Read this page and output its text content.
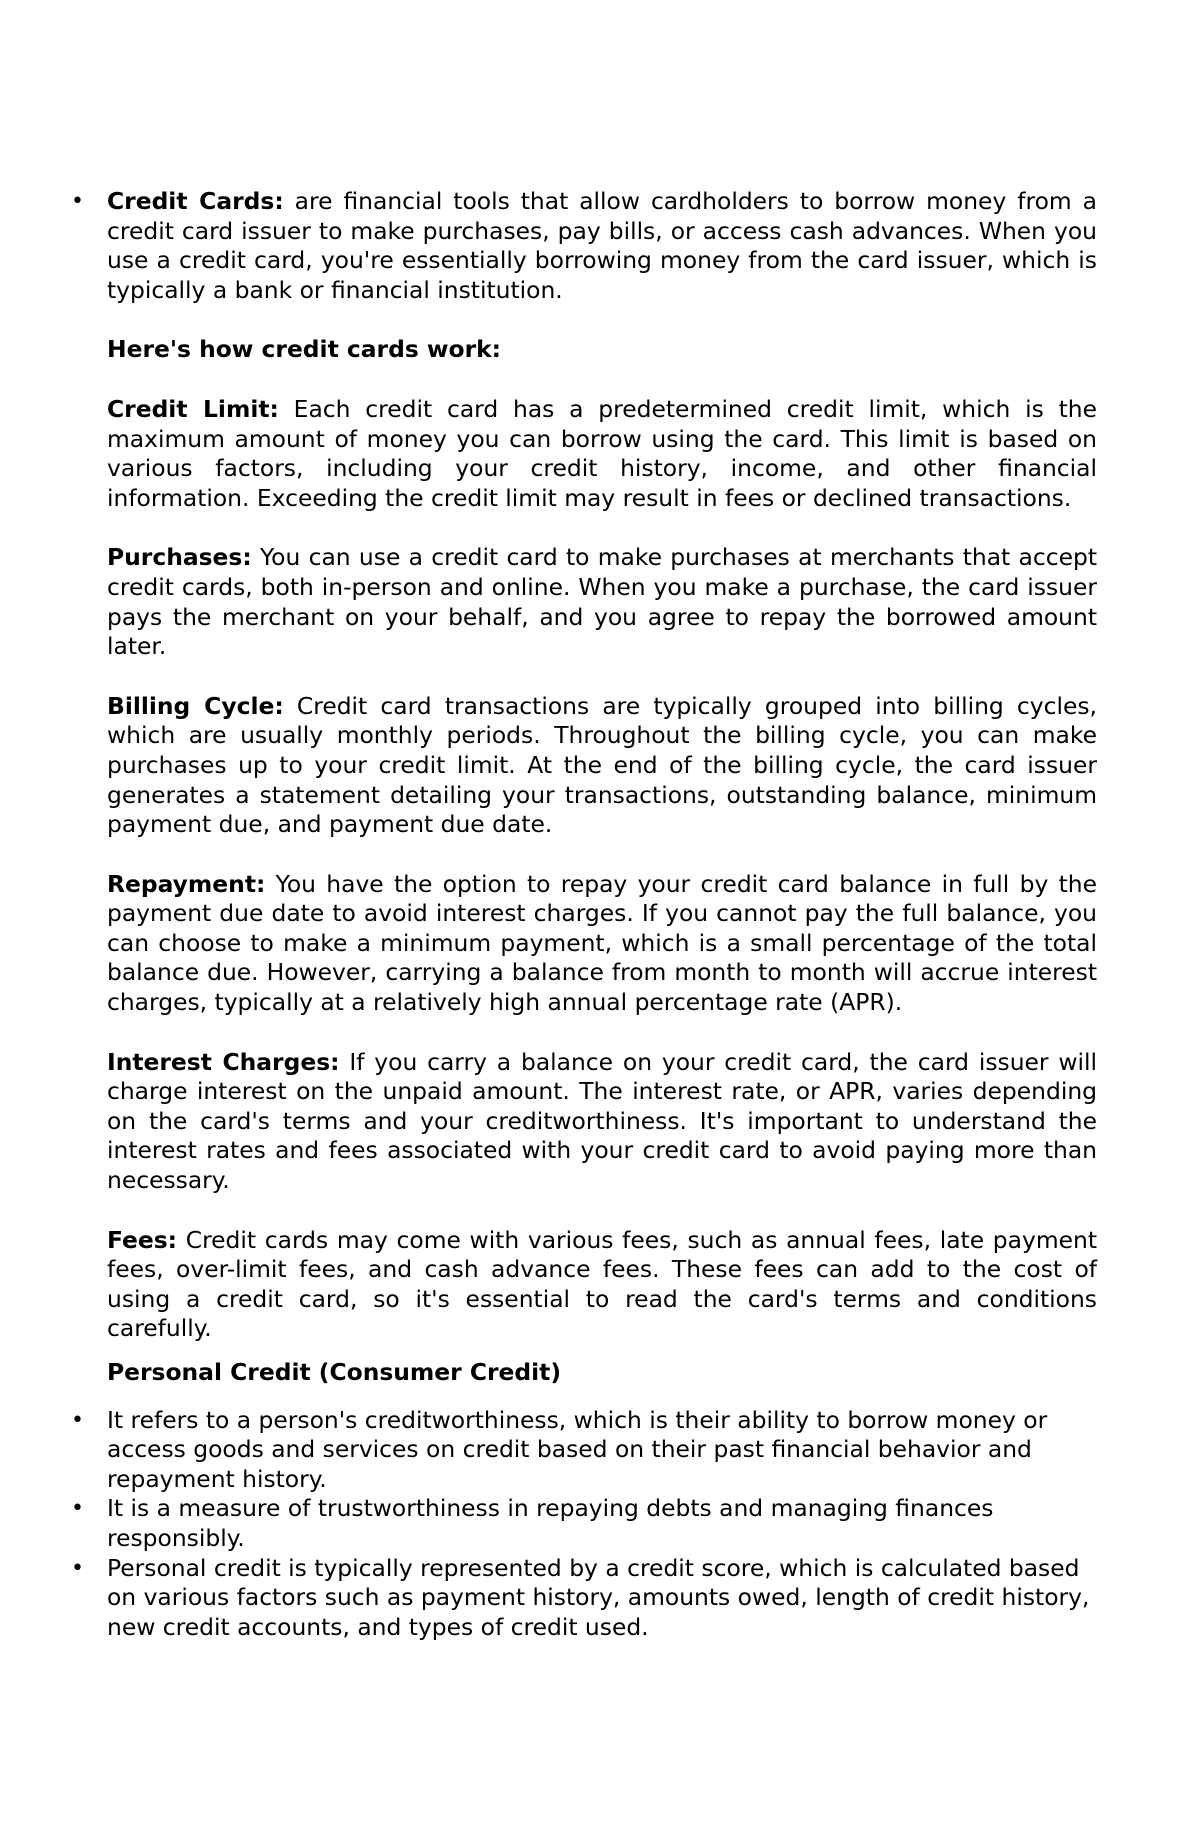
• Credit Cards: are financial tools that allow cardholders to borrow money from a credit card issuer to make purchases, pay bills, or access cash advances. When you use a credit card, you're essentially borrowing money from the card issuer, which is typically a bank or financial institution.

Here's how credit cards work:

Credit Limit: Each credit card has a predetermined credit limit, which is the maximum amount of money you can borrow using the card. This limit is based on various factors, including your credit history, income, and other financial information. Exceeding the credit limit may result in fees or declined transactions.

Purchases: You can use a credit card to make purchases at merchants that accept credit cards, both in-person and online. When you make a purchase, the card issuer pays the merchant on your behalf, and you agree to repay the borrowed amount later.

Billing Cycle: Credit card transactions are typically grouped into billing cycles, which are usually monthly periods. Throughout the billing cycle, you can make purchases up to your credit limit. At the end of the billing cycle, the card issuer generates a statement detailing your transactions, outstanding balance, minimum payment due, and payment due date.

Repayment: You have the option to repay your credit card balance in full by the payment due date to avoid interest charges. If you cannot pay the full balance, you can choose to make a minimum payment, which is a small percentage of the total balance due. However, carrying a balance from month to month will accrue interest charges, typically at a relatively high annual percentage rate (APR).

Interest Charges: If you carry a balance on your credit card, the card issuer will charge interest on the unpaid amount. The interest rate, or APR, varies depending on the card's terms and your creditworthiness. It's important to understand the interest rates and fees associated with your credit card to avoid paying more than necessary.

Fees: Credit cards may come with various fees, such as annual fees, late payment fees, over-limit fees, and cash advance fees. These fees can add to the cost of using a credit card, so it's essential to read the card's terms and conditions carefully.

Personal Credit (Consumer Credit)

• It refers to a person's creditworthiness, which is their ability to borrow money or access goods and services on credit based on their past financial behavior and repayment history.

• It is a measure of trustworthiness in repaying debts and managing finances responsibly.

• Personal credit is typically represented by a credit score, which is calculated based on various factors such as payment history, amounts owed, length of credit history, new credit accounts, and types of credit used.
